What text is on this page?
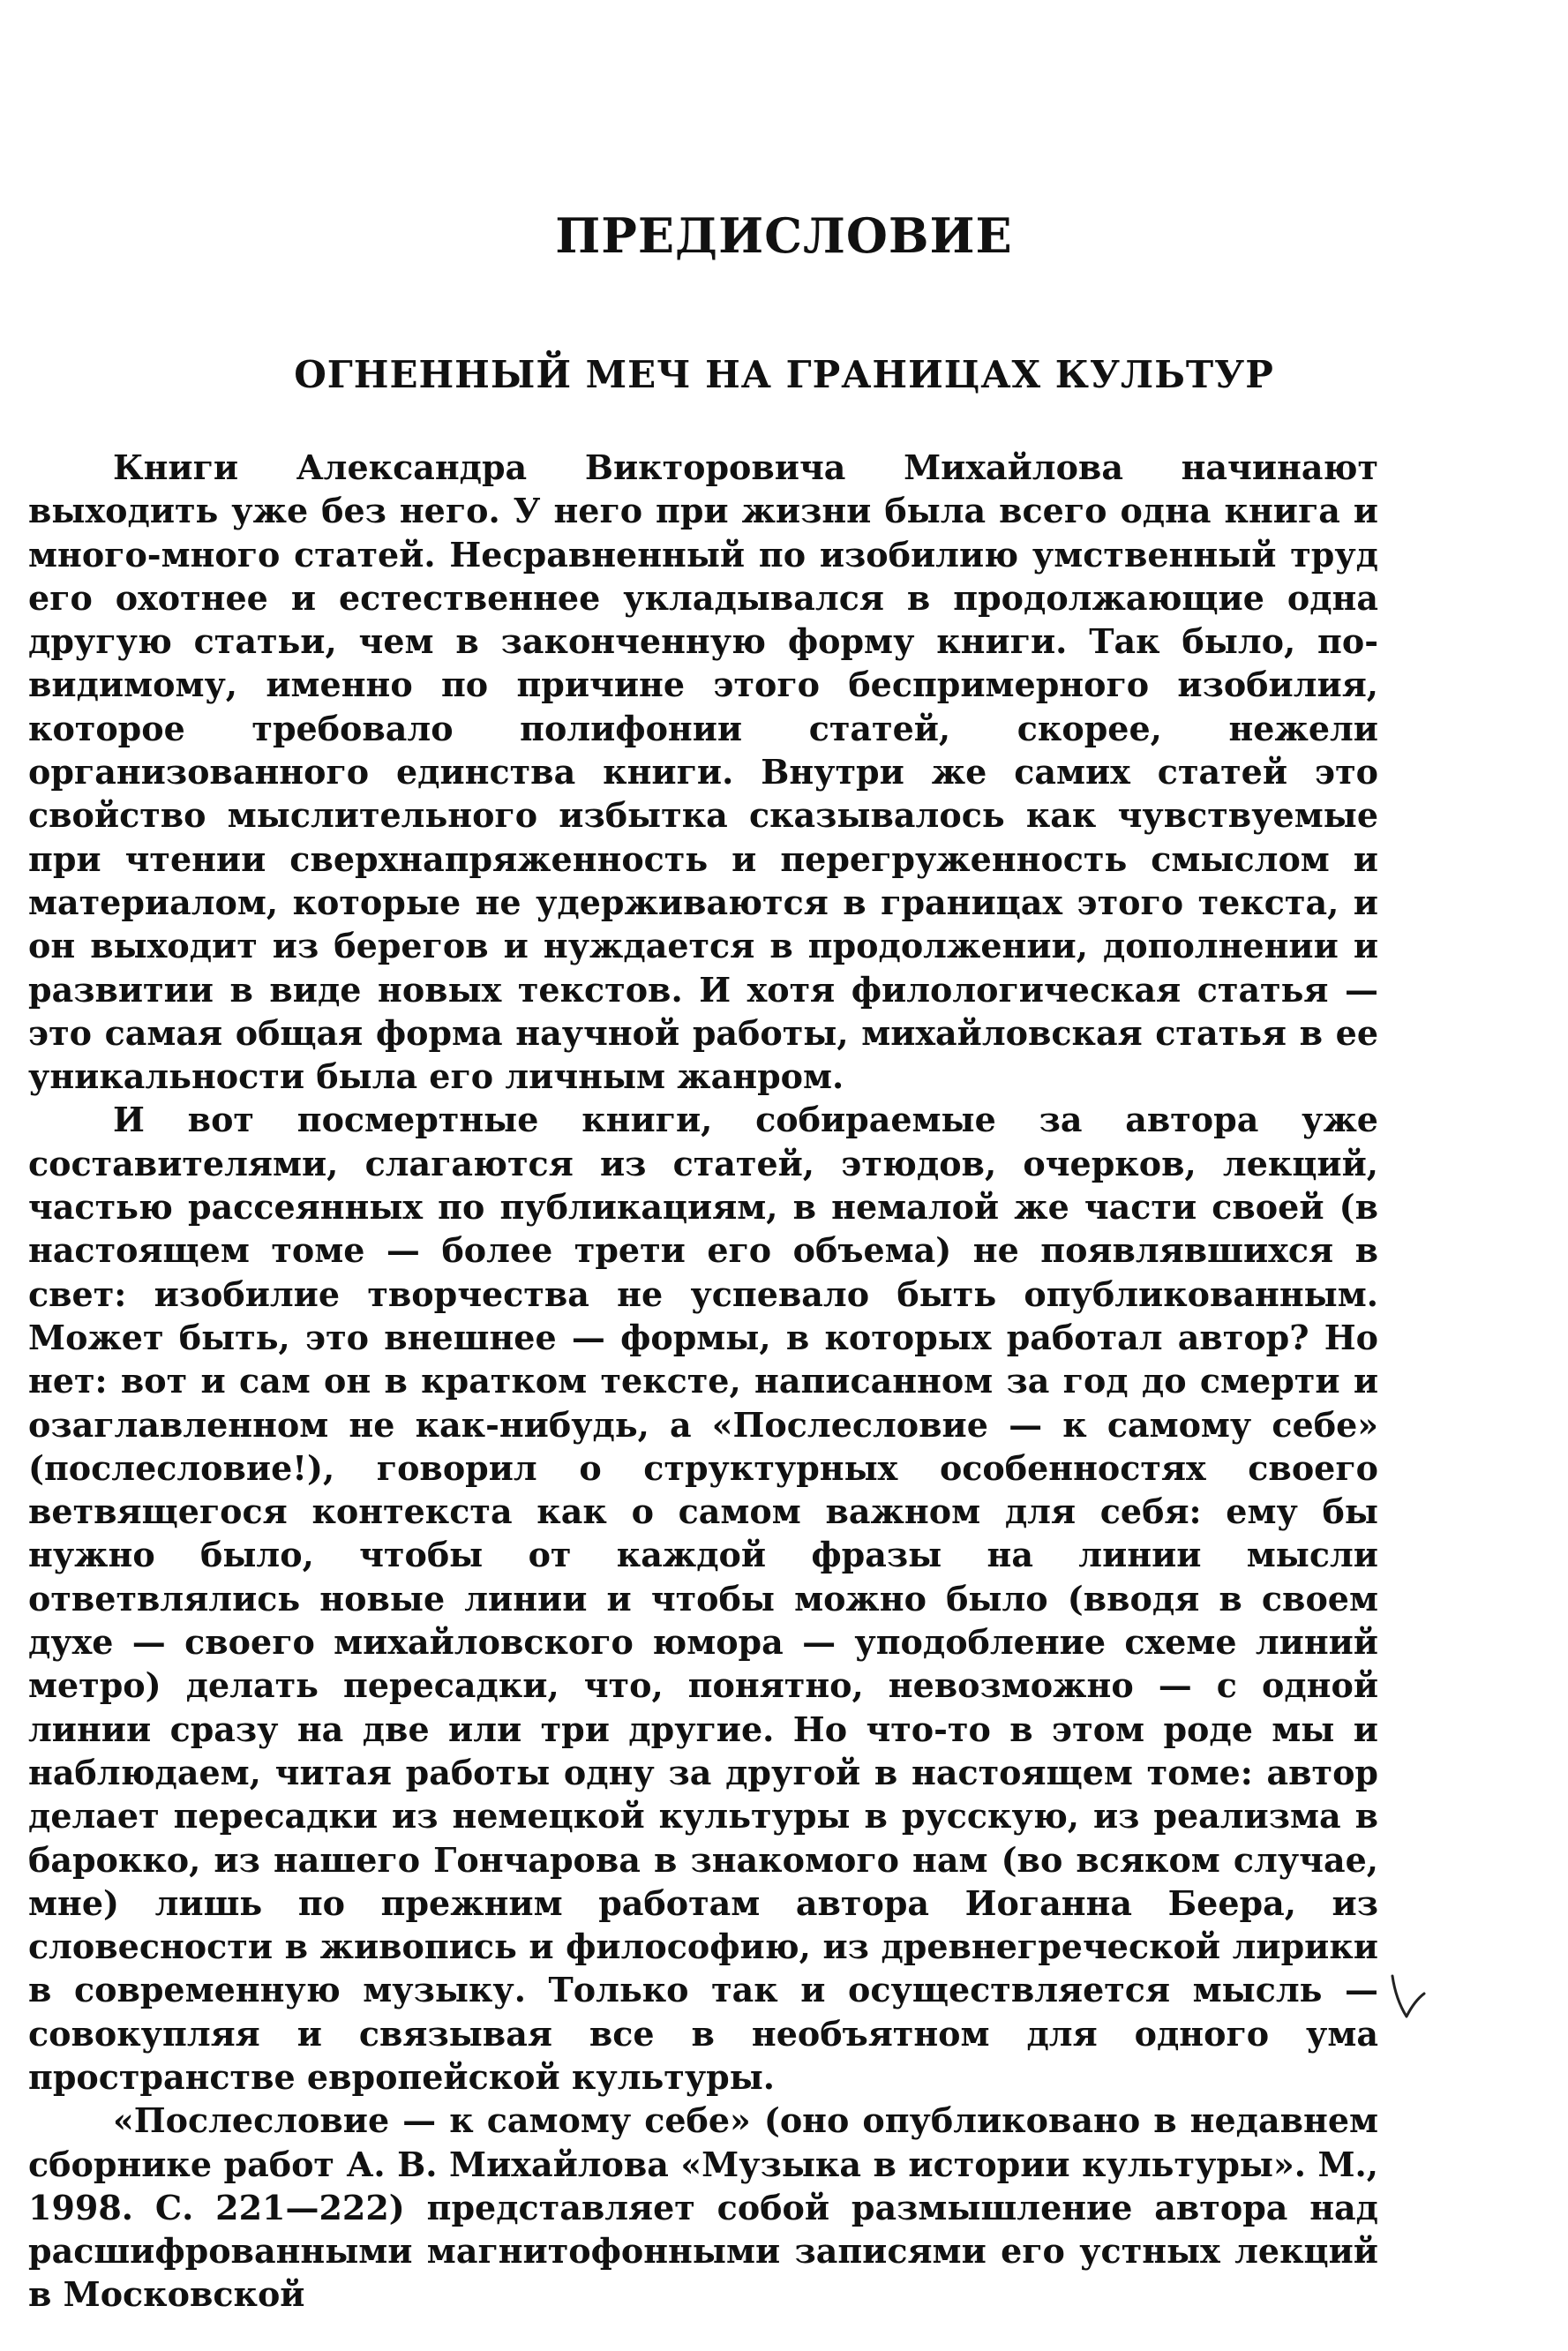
ПРЕДИСЛОВИЕ
ОГНЕННЫЙ МЕЧ НА ГРАНИЦАХ КУЛЬТУР

Книги Александра Викторовича Михайлова начинают выходить уже без него. У него при жизни была всего одна книга и много-много статей. Несравненный по изобилию умственный труд его охотнее и естественнее укладывался в продолжающие одна другую статьи, чем в законченную форму книги. Так было, по-видимому, именно по причине этого беспримерного изобилия, которое требовало полифонии статей, скорее, нежели организованного единства книги. Внутри же самих статей это свойство мыслительного избытка сказывалось как чувствуемые при чтении сверхнапряженность и перегруженность смыслом и материалом, которые не удерживаются в границах этого текста, и он выходит из берегов и нуждается в продолжении, дополнении и развитии в виде новых текстов. И хотя филологическая статья — это самая общая форма научной работы, михайловская статья в ее уникальности была его личным жанром.

И вот посмертные книги, собираемые за автора уже составителями, слагаются из статей, этюдов, очерков, лекций, частью рассеянных по публикациям, в немалой же части своей (в настоящем томе — более трети его объема) не появлявшихся в свет: изобилие творчества не успевало быть опубликованным. Может быть, это внешнее — формы, в которых работал автор? Но нет: вот и сам он в кратком тексте, написанном за год до смерти и озаглавленном не как-нибудь, а «Послесловие — к самому себе» (послесловие!), говорил о структурных особенностях своего ветвящегося контекста как о самом важном для себя: ему бы нужно было, чтобы от каждой фразы на линии мысли ответвлялись новые линии и чтобы можно было (вводя в своем духе — своего михайловского юмора — уподобление схеме линий метро) делать пересадки, что, понятно, невозможно — с одной линии сразу на две или три другие. Но что-то в этом роде мы и наблюдаем, читая работы одну за другой в настоящем томе: автор делает пересадки из немецкой культуры в русскую, из реализма в барокко, из нашего Гончарова в знакомого нам (во всяком случае, мне) лишь по прежним работам автора Иоганна Беера, из словесности в живопись и философию, из древнегреческой лирики в современную музыку. Только так и осуществляется мысль — совокупляя и связывая все в необъятном для одного ума пространстве европейской культуры.

«Послесловие — к самому себе» (оно опубликовано в недавнем сборнике работ А. В. Михайлова «Музыка в истории культуры». М., 1998. С. 221—222) представляет собой размышление автора над расшифрованными магнитофонными записями его устных лекций в Московской
